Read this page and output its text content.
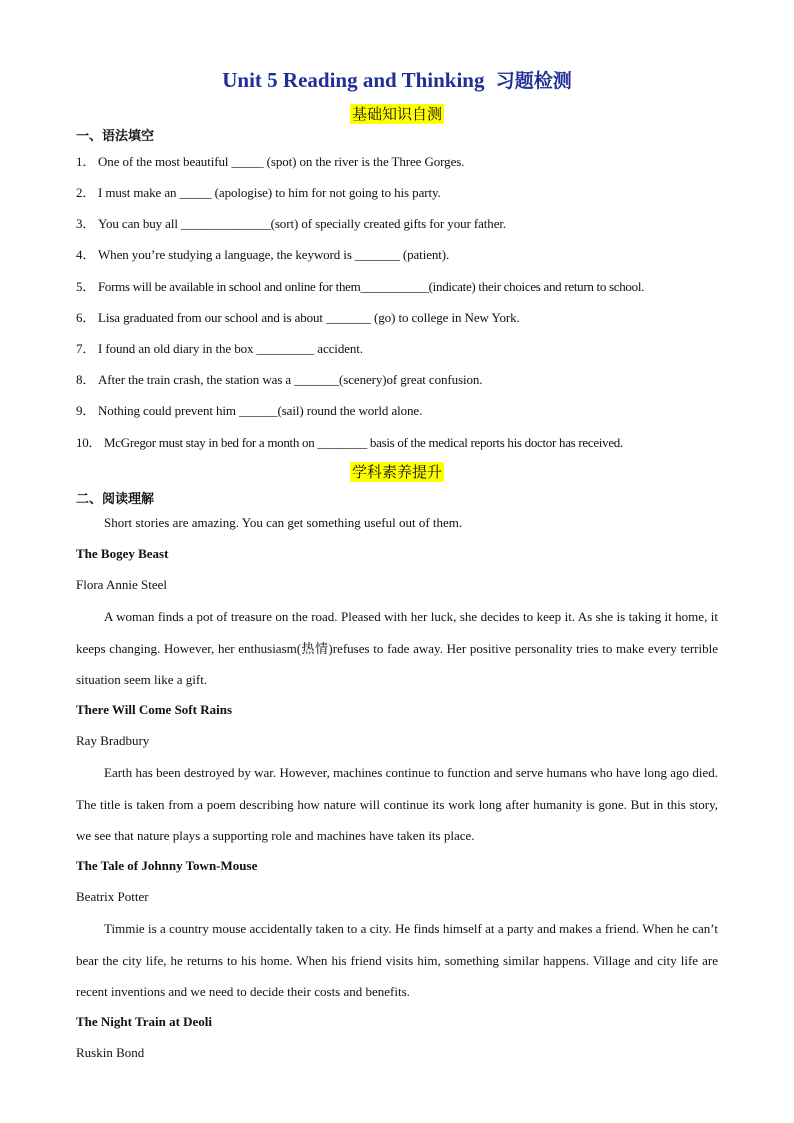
Unit 5 Reading and Thinking 习题检测
基础知识自测
一、语法填空
1． One of the most beautiful _____ (spot) on the river is the Three Gorges.
2． I must make an _____ (apologise) to him for not going to his party.
3． You can buy all ______________(sort) of specially created gifts for your father.
4． When you’re studying a language, the keyword is _______ (patient).
5． Forms will be available in school and online for them___________(indicate) their choices and return to school.
6． Lisa graduated from our school and is about _______ (go) to college in New York.
7． I found an old diary in the box _________ accident.
8． After the train crash, the station was a _______(scenery)of great confusion.
9． Nothing could prevent him ______(sail) round the world alone.
10． McGregor must stay in bed for a month on ________ basis of the medical reports his doctor has received.
学科素养提升
二、阅读理解
Short stories are amazing. You can get something useful out of them.
The Bogey Beast
Flora Annie Steel
A woman finds a pot of treasure on the road. Pleased with her luck, she decides to keep it. As she is taking it home, it keeps changing. However, her enthusiasm(热情)refuses to fade away. Her positive personality tries to make every terrible situation seem like a gift.
There Will Come Soft Rains
Ray Bradbury
Earth has been destroyed by war. However, machines continue to function and serve humans who have long ago died. The title is taken from a poem describing how nature will continue its work long after humanity is gone. But in this story, we see that nature plays a supporting role and machines have taken its place.
The Tale of Johnny Town-Mouse
Beatrix Potter
Timmie is a country mouse accidentally taken to a city. He finds himself at a party and makes a friend. When he can’t bear the city life, he returns to his home. When his friend visits him, something similar happens. Village and city life are recent inventions and we need to decide their costs and benefits.
The Night Train at Deoli
Ruskin Bond
